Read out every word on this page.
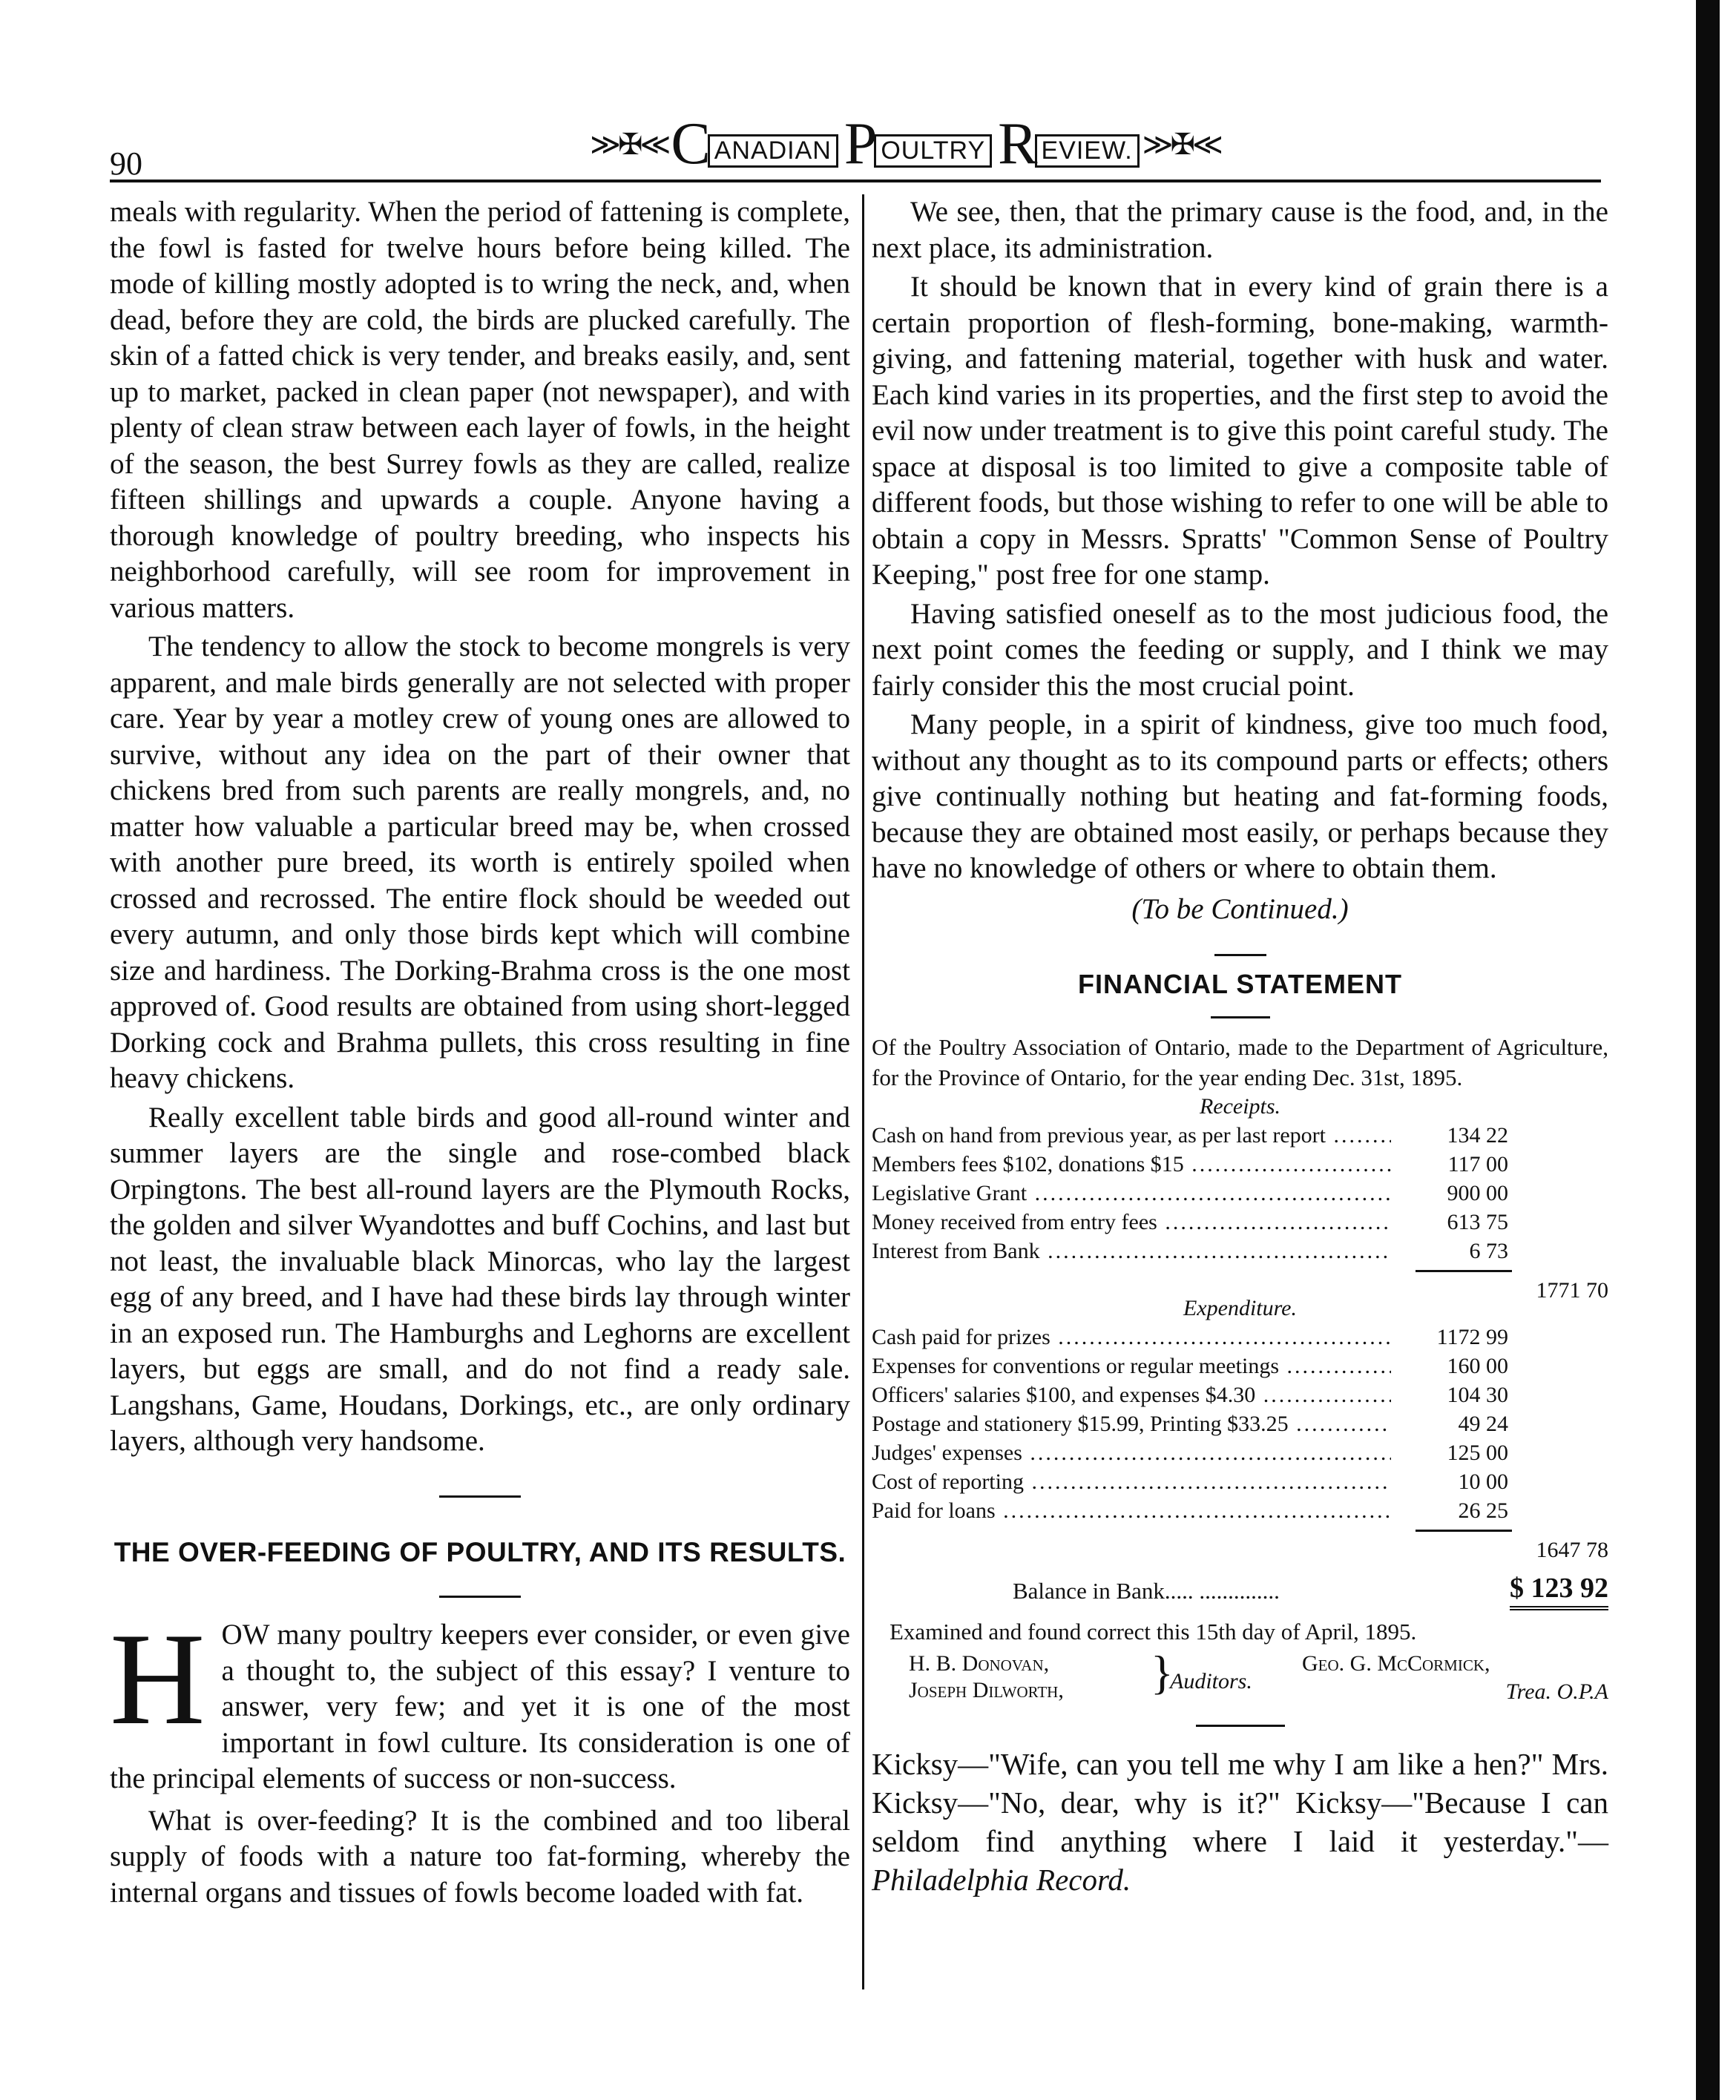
90
≫✠≪ C ANADIAN P OULTRY R EVIEW. ≫✠≪

meals with regularity. When the period of fattening is complete, the fowl is fasted for twelve hours before being killed. The mode of killing mostly adopted is to wring the neck, and, when dead, before they are cold, the birds are plucked carefully. The skin of a fatted chick is very tender, and breaks easily, and, sent up to market, packed in clean paper (not newspaper), and with plenty of clean straw between each layer of fowls, in the height of the season, the best Surrey fowls as they are called, realize fifteen shillings and upwards a couple. Anyone having a thorough knowledge of poultry breeding, who inspects his neighborhood carefully, will see room for improvement in various matters.

The tendency to allow the stock to become mongrels is very apparent, and male birds generally are not selected with proper care. Year by year a motley crew of young ones are allowed to survive, without any idea on the part of their owner that chickens bred from such parents are really mongrels, and, no matter how valuable a particular breed may be, when crossed with another pure breed, its worth is entirely spoiled when crossed and recrossed. The entire flock should be weeded out every autumn, and only those birds kept which will combine size and hardiness. The Dorking-Brahma cross is the one most approved of. Good results are obtained from using short-legged Dorking cock and Brahma pullets, this cross resulting in fine heavy chickens.

Really excellent table birds and good all-round winter and summer layers are the single and rose-combed black Orpingtons. The best all-round layers are the Plymouth Rocks, the golden and silver Wyandottes and buff Cochins, and last but not least, the invaluable black Minorcas, who lay the largest egg of any breed, and I have had these birds lay through winter in an exposed run. The Hamburghs and Leghorns are excellent layers, but eggs are small, and do not find a ready sale. Langshans, Game, Houdans, Dorkings, etc., are only ordinary layers, although very handsome.

THE OVER-FEEDING OF POULTRY, AND ITS RESULTS.

HOW many poultry keepers ever consider, or even give a thought to, the subject of this essay? I venture to answer, very few; and yet it is one of the most important in fowl culture. Its consideration is one of the principal elements of success or non-success.

What is over-feeding? It is the combined and too liberal supply of foods with a nature too fat-forming, whereby the internal organs and tissues of fowls become loaded with fat.

We see, then, that the primary cause is the food, and, in the next place, its administration.

It should be known that in every kind of grain there is a certain proportion of flesh-forming, bone-making, warmth-giving, and fattening material, together with husk and water. Each kind varies in its properties, and the first step to avoid the evil now under treatment is to give this point careful study. The space at disposal is too limited to give a composite table of different foods, but those wishing to refer to one will be able to obtain a copy in Messrs. Spratts' "Common Sense of Poultry Keeping," post free for one stamp.

Having satisfied oneself as to the most judicious food, the next point comes the feeding or supply, and I think we may fairly consider this the most crucial point.

Many people, in a spirit of kindness, give too much food, without any thought as to its compound parts or effects; others give continually nothing but heating and fat-forming foods, because they are obtained most easily, or perhaps because they have no knowledge of others or where to obtain them.

(To be Continued.)

FINANCIAL STATEMENT
Of the Poultry Association of Ontario, made to the Department of Agriculture, for the Province of Ontario, for the year ending Dec. 31st, 1895.
Receipts.
Cash on hand from previous year, as per last report .....	134 22
Members fees $102, donations $15 .....	117 00
Legislative Grant .....	900 00
Money received from entry fees .....	613 75
Interest from Bank .....	6 73
1771 70
Expenditure.
Cash paid for prizes .....	1172 99
Expenses for conventions or regular meetings .....	160 00
Officers' salaries $100, and expenses $4.30 .....	104 30
Postage and stationery $15.99, Printing $33.25 .....	49 24
Judges' expenses .....	125 00
Cost of reporting .....	10 00
Paid for loans .....	26 25
1647 78
Balance in Bank..... ..............	$ 123 92
Examined and found correct this 15th day of April, 1895.
H. B. Donovan,
Joseph Dilworth, }
Auditors.
Geo. G. McCormick,
Trea. O.P.A
Kicksy—"Wife, can you tell me why I am like a hen?" Mrs. Kicksy—"No, dear, why is it?" Kicksy—"Because I can seldom find anything where I laid it yesterday."— Philadelphia Record.
